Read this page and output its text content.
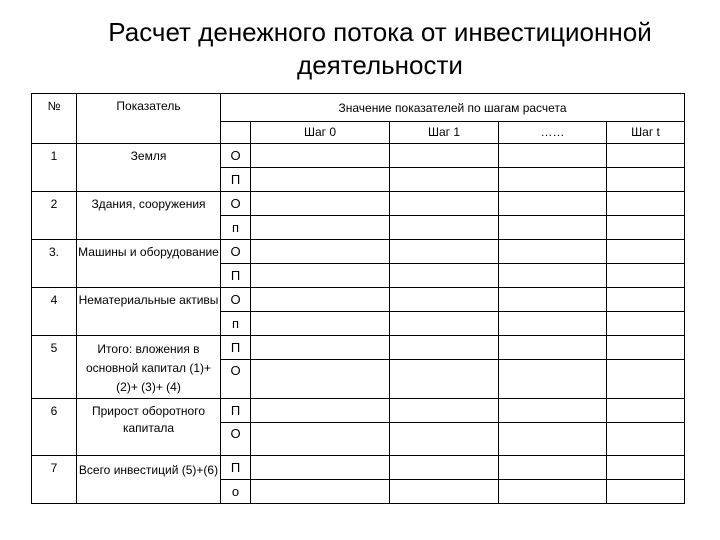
Расчет денежного потока от инвестиционной
деятельности
№	Показатель	Значение показателей по шагам расчета				
			Шаг 0	Шаг 1	……	Шаг t
1	Земля	О				
		П				
2	Здания, сооружения	О				
		п				
3.	Машины и оборудование	О				
		П				
4	Нематериальные активы	О				
		п				
5	Итого: вложения в основной капитал (1)+(2)+ (3)+ (4)	П				
		О				
6	Прирост оборотного капитала	П				
		О				
7	Всего инвестиций (5)+(6)	П				
		о				
